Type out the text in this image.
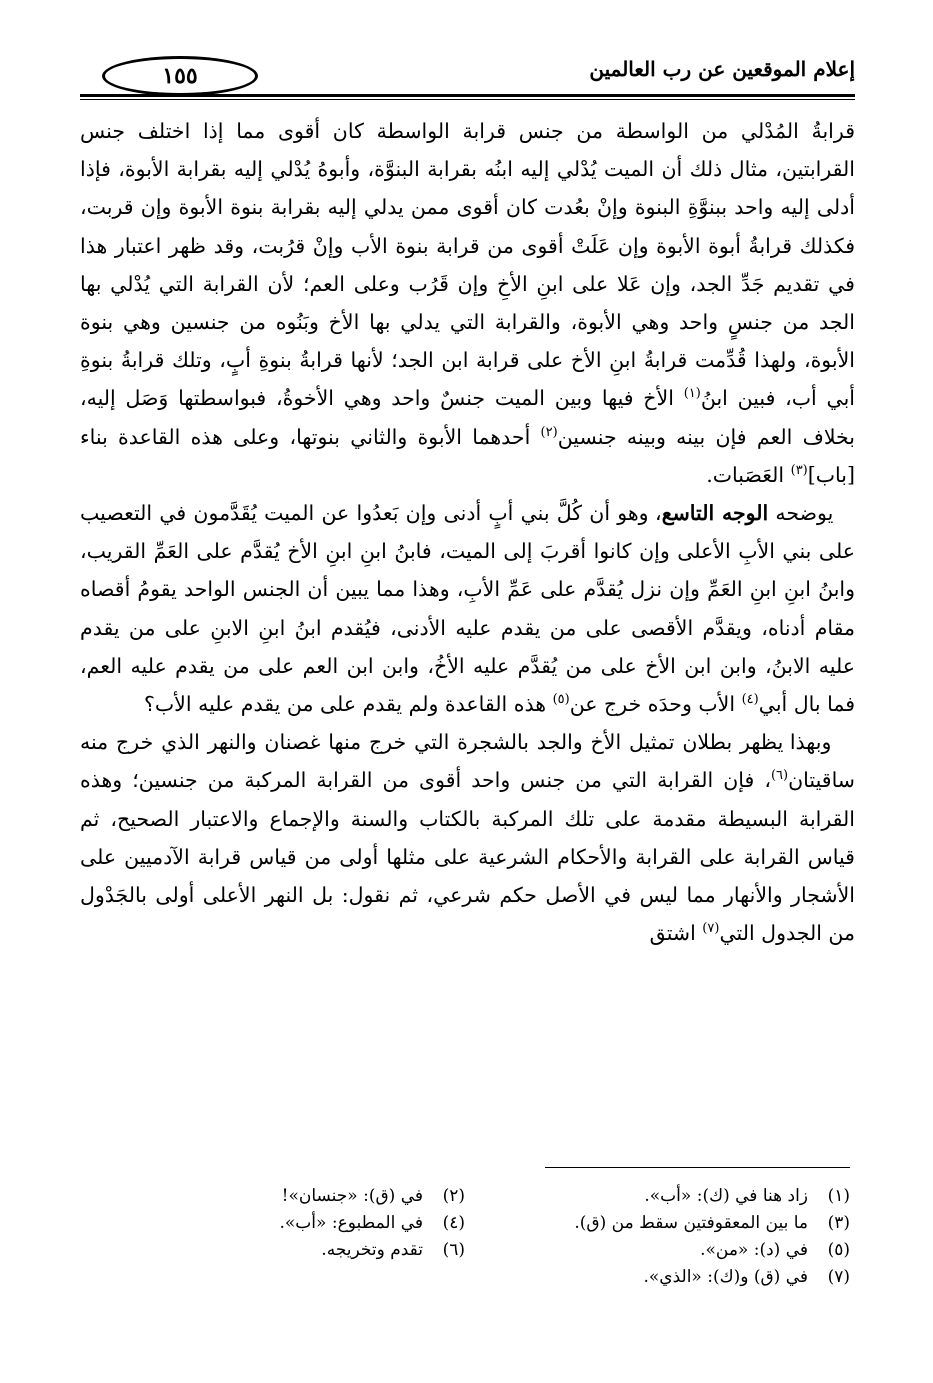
إعلام الموقعين عن رب العالمين
١٥٥

قرابةُ المُدْلي من الواسطة من جنس قرابة الواسطة كان أقوى مما إذا اختلف جنس القرابتين، مثال ذلك أن الميت يُدْلي إليه ابنُه بقرابة البنوَّة، وأبوهُ يُدْلي إليه بقرابة الأبوة، فإذا أدلى إليه واحد ببنوَّةِ البنوة وإنْ بعُدت كان أقوى ممن يدلي إليه بقرابة بنوة الأبوة وإن قربت، فكذلك قرابةُ أبوة الأبوة وإن عَلَتْ أقوى من قرابة بنوة الأب وإنْ قرُبت، وقد ظهر اعتبار هذا في تقديم جَدِّ الجد، وإن عَلا على ابنِ الأخِ وإن قَرُب وعلى العم؛ لأن القرابة التي يُدْلي بها الجد من جنسٍ واحد وهي الأبوة، والقرابة التي يدلي بها الأخ وبَنُوه من جنسين وهي بنوة الأبوة، ولهذا قُدِّمت قرابةُ ابنِ الأخ على قرابة ابن الجد؛ لأنها قرابةُ بنوةِ أبٍ، وتلك قرابةُ بنوةِ أبي أب، فبين ابنُ$^{(١)}$ الأخ فيها وبين الميت جنسٌ واحد وهي الأخوةُ، فبواسطتها وَصَل إليه، بخلاف العم فإن بينه وبينه جنسين$^{(٢)}$ أحدهما الأبوة والثاني بنوتها، وعلى هذه القاعدة بناء [باب]$^{(٣)}$ العَصَبات.

يوضحه الوجه التاسع، وهو أن كُلَّ بني أبٍ أدنى وإن بَعدُوا عن الميت يُقَدَّمون في التعصيب على بني الأبِ الأعلى وإن كانوا أقربَ إلى الميت، فابنُ ابنِ ابنِ الأخ يُقدَّم على العَمِّ القريب، وابنُ ابنِ ابنِ العَمِّ وإن نزل يُقدَّم على عَمِّ الأبِ، وهذا مما يبين أن الجنس الواحد يقومُ أقصاه مقام أدناه، ويقدَّم الأقصى على من يقدم عليه الأدنى، فيُقدم ابنُ ابنِ الابنِ على من يقدم عليه الابنُ، وابن ابن الأخ على من يُقدَّم عليه الأخُ، وابن ابن العم على من يقدم عليه العم، فما بال أبي$^{(٤)}$ الأب وحدَه خرج عن$^{(٥)}$ هذه القاعدة ولم يقدم على من يقدم عليه الأب؟

وبهذا يظهر بطلان تمثيل الأخ والجد بالشجرة التي خرج منها غصنان والنهر الذي خرج منه ساقيتان$^{(٦)}$، فإن القرابة التي من جنس واحد أقوى من القرابة المركبة من جنسين؛ وهذه القرابة البسيطة مقدمة على تلك المركبة بالكتاب والسنة والإجماع والاعتبار الصحيح، ثم قياس القرابة على القرابة والأحكام الشرعية على مثلها أولى من قياس قرابة الآدميين على الأشجار والأنهار مما ليس في الأصل حكم شرعي، ثم نقول: بل النهر الأعلى أولى بالجَدْول من الجدول التي$^{(٧)}$ اشتق

(١)
زاد هنا في (ك): «أب».
(٢)
في (ق): «جنسان»!
(٣)
ما بين المعقوفتين سقط من (ق).
(٤)
في المطبوع: «أب».
(٥)
في (د): «من».
(٦)
تقدم وتخريجه.
(٧)
في (ق) و(ك): «الذي».
